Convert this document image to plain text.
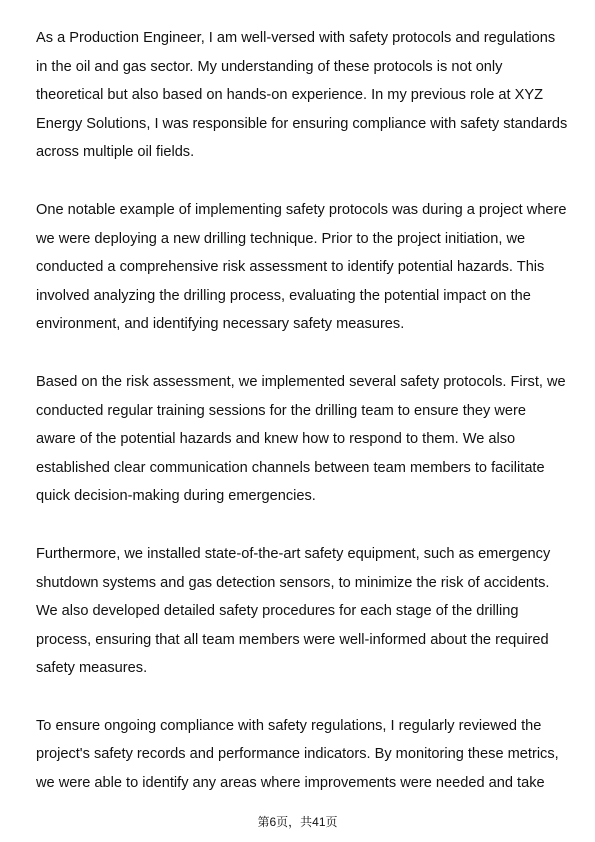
As a Production Engineer, I am well-versed with safety protocols and regulations
in the oil and gas sector. My understanding of these protocols is not only
theoretical but also based on hands-on experience. In my previous role at XYZ
Energy Solutions, I was responsible for ensuring compliance with safety standards
across multiple oil fields.

One notable example of implementing safety protocols was during a project where
we were deploying a new drilling technique. Prior to the project initiation, we
conducted a comprehensive risk assessment to identify potential hazards. This
involved analyzing the drilling process, evaluating the potential impact on the
environment, and identifying necessary safety measures.

Based on the risk assessment, we implemented several safety protocols. First, we
conducted regular training sessions for the drilling team to ensure they were
aware of the potential hazards and knew how to respond to them. We also
established clear communication channels between team members to facilitate
quick decision-making during emergencies.

Furthermore, we installed state-of-the-art safety equipment, such as emergency
shutdown systems and gas detection sensors, to minimize the risk of accidents.
We also developed detailed safety procedures for each stage of the drilling
process, ensuring that all team members were well-informed about the required
safety measures.

To ensure ongoing compliance with safety regulations, I regularly reviewed the
project's safety records and performance indicators. By monitoring these metrics,
we were able to identify any areas where improvements were needed and take

第6页，共41页
